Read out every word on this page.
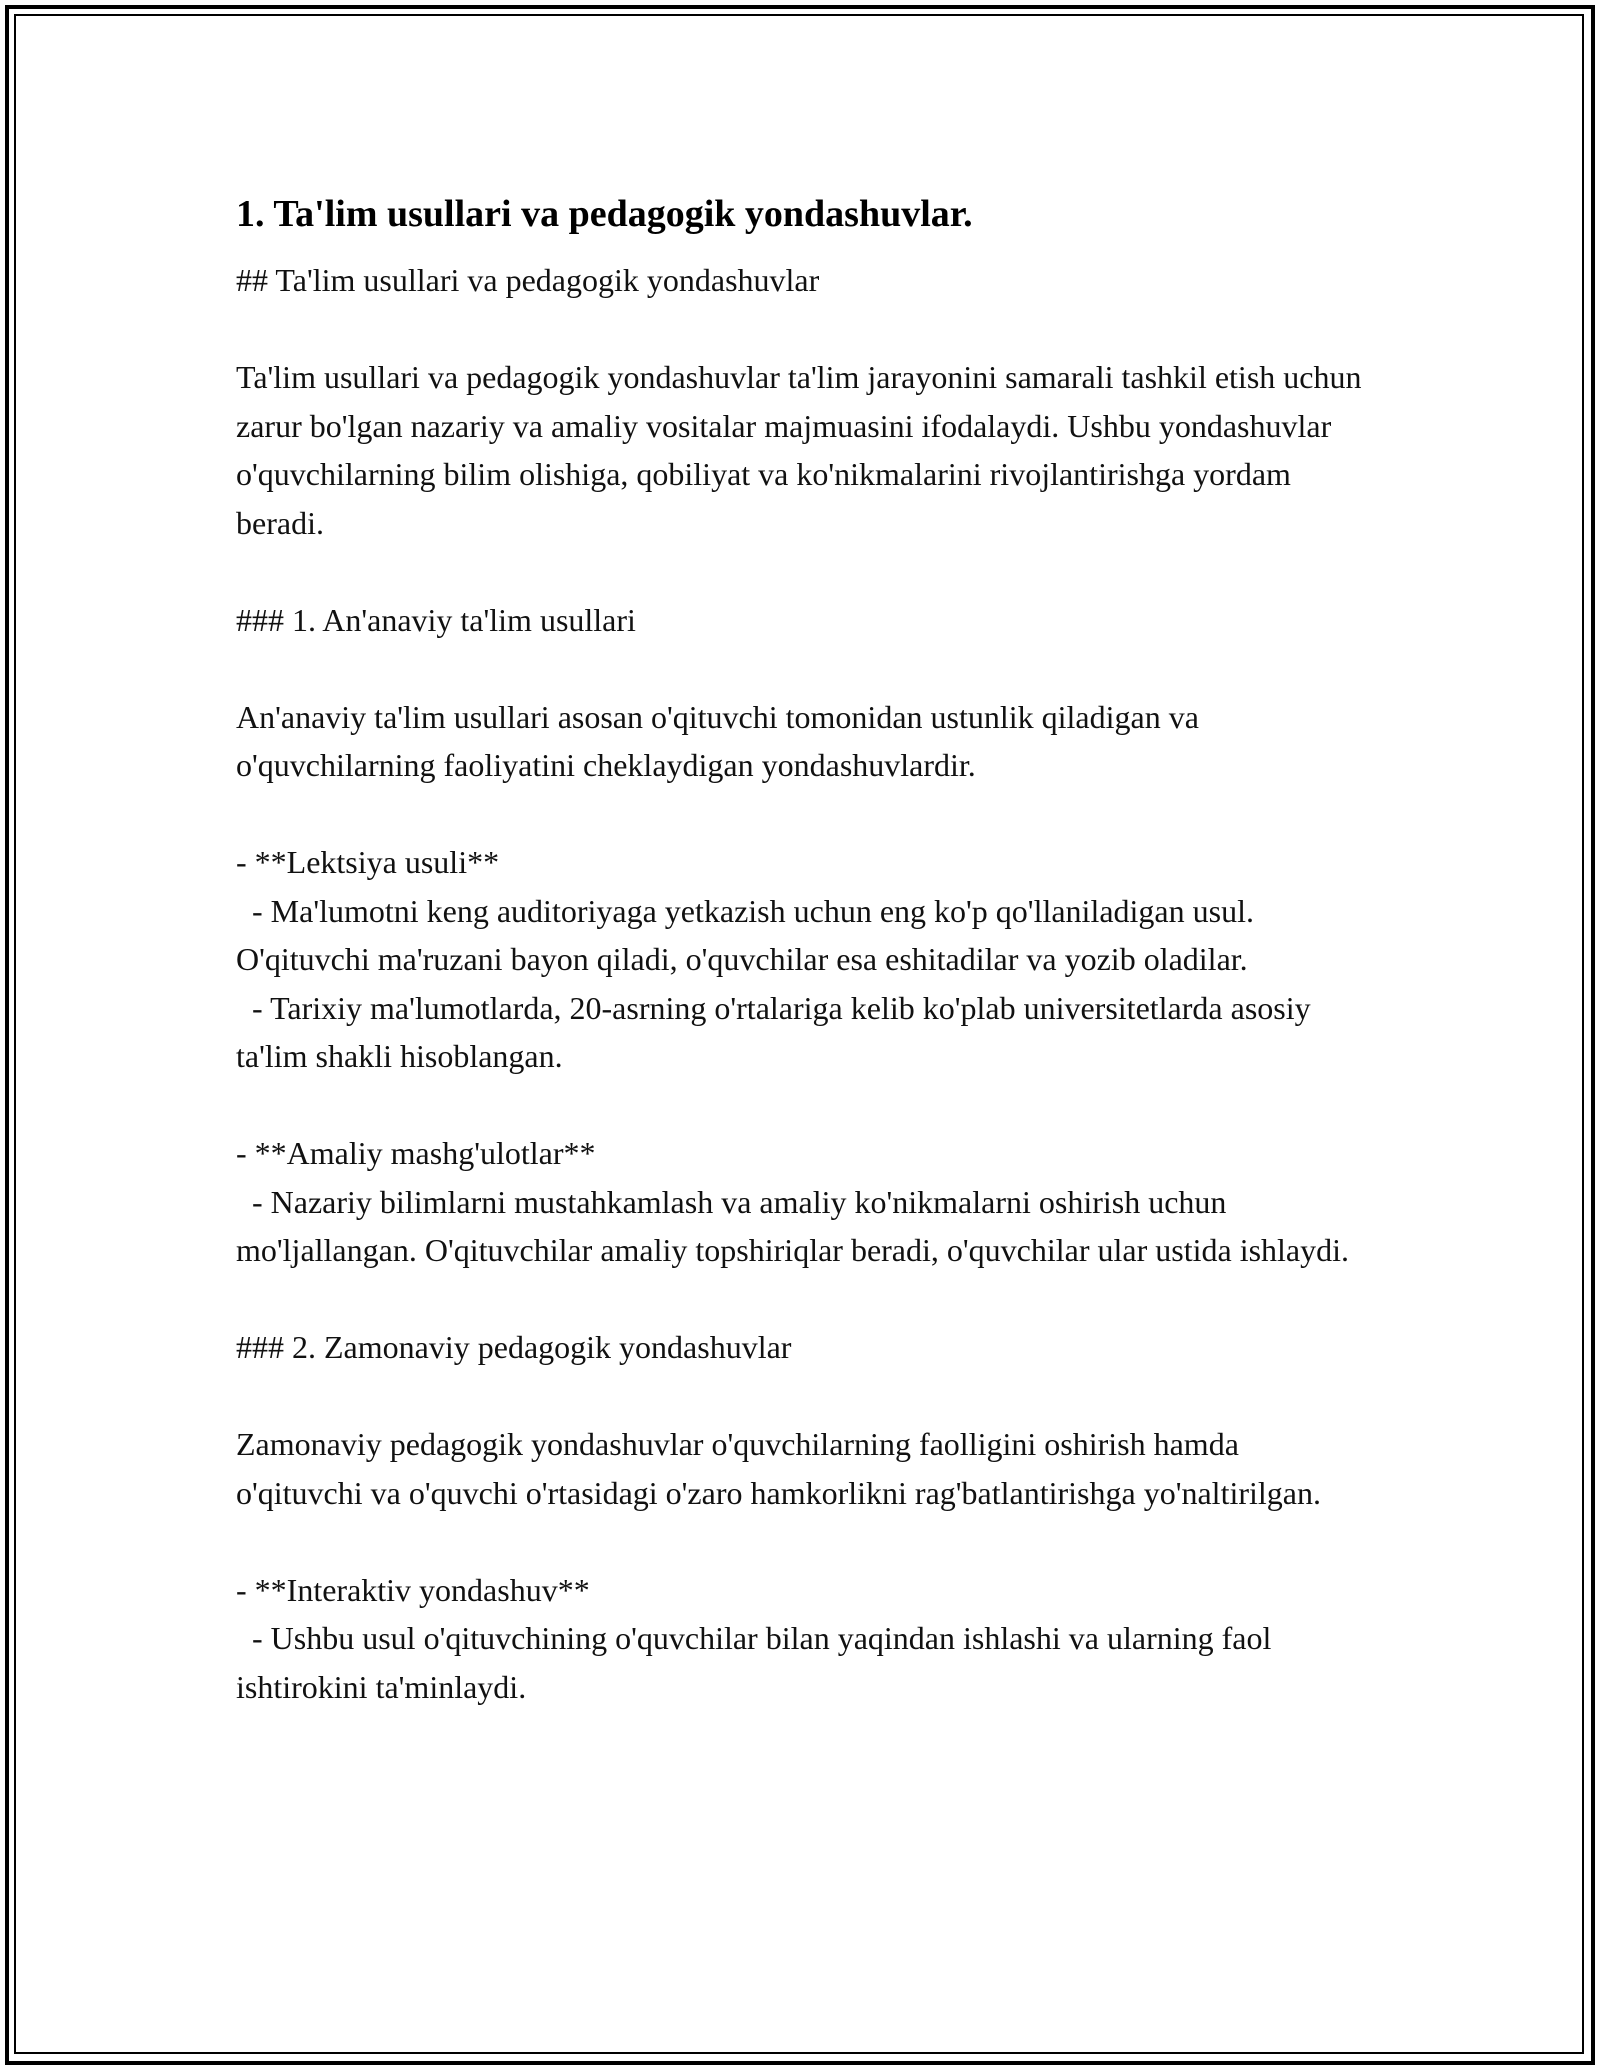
1. Ta'lim usullari va pedagogik yondashuvlar.

## Ta'lim usullari va pedagogik yondashuvlar

Ta'lim usullari va pedagogik yondashuvlar ta'lim jarayonini samarali tashkil etish uchun zarur bo'lgan nazariy va amaliy vositalar majmuasini ifodalaydi. Ushbu yondashuvlar o'quvchilarning bilim olishiga, qobiliyat va ko'nikmalarini rivojlantirishga yordam beradi.

### 1. An'anaviy ta'lim usullari

An'anaviy ta'lim usullari asosan o'qituvchi tomonidan ustunlik qiladigan va o'quvchilarning faoliyatini cheklaydigan yondashuvlardir.

- **Lektsiya usuli**

- Ma'lumotni keng auditoriyaga yetkazish uchun eng ko'p qo'llaniladigan usul. O'qituvchi ma'ruzani bayon qiladi, o'quvchilar esa eshitadilar va yozib oladilar.

- Tarixiy ma'lumotlarda, 20-asrning o'rtalariga kelib ko'plab universitetlarda asosiy ta'lim shakli hisoblangan.

- **Amaliy mashg'ulotlar**

- Nazariy bilimlarni mustahkamlash va amaliy ko'nikmalarni oshirish uchun mo'ljallangan. O'qituvchilar amaliy topshiriqlar beradi, o'quvchilar ular ustida ishlaydi.

### 2. Zamonaviy pedagogik yondashuvlar

Zamonaviy pedagogik yondashuvlar o'quvchilarning faolligini oshirish hamda o'qituvchi va o'quvchi o'rtasidagi o'zaro hamkorlikni rag'batlantirishga yo'naltirilgan.

- **Interaktiv yondashuv**

- Ushbu usul o'qituvchining o'quvchilar bilan yaqindan ishlashi va ularning faol ishtirokini ta'minlaydi.
